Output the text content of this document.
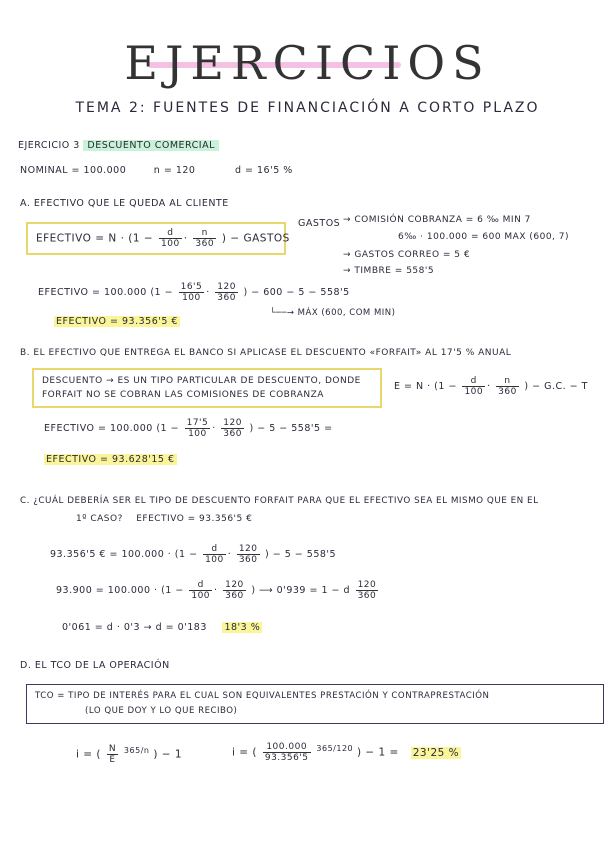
EJERCICIOS
TEMA 2: FUENTES DE FINANCIACIÓN A CORTO PLAZO
EJERCICIO 3 DESCUENTO COMERCIAL
NOMINAL = 100.000	n = 120	d = 16'5 %
A. EFECTIVO QUE LE QUEDA AL CLIENTE
EFECTIVO = $N \cdot (1 - \frac{d}{100} \cdot \frac{n}{360}$ ) − GASTOS
GASTOS → COMISIÓN COBRANZA = 6 ‰ MIN 7
6‰ · 100.000 = 600 MAX (600, 7)
→ GASTOS CORREO = 5 €
→ TIMBRE = 558'5
EFECTIVO = 100.000 ($1 - \frac{16'5}{100} \cdot \frac{120}{360}$ ) − 600 − 5 − 558'5
└──→ MÁX (600, COM MIN)
EFECTIVO = 93.356'5 €
B. EL EFECTIVO QUE ENTREGA EL BANCO SI APLICASE EL DESCUENTO «FORFAIT» AL 17'5 % ANUAL
DESCUENTO → ES UN TIPO PARTICULAR DE DESCUENTO, DONDE
FORFAIT NO SE COBRAN LAS COMISIONES DE COBRANZA
$E = N \cdot (1 - \frac{d}{100} \cdot \frac{n}{360}$ ) − G.C. − T
EFECTIVO = 100.000 ($1 - \frac{17'5}{100} \cdot \frac{120}{360}$ ) − 5 − 558'5 =
EFECTIVO = 93.628'15 €
C. ¿CUÁL DEBERÍA SER EL TIPO DE DESCUENTO FORFAIT PARA QUE EL EFECTIVO SEA EL MISMO QUE EN EL
1º CASO? EFECTIVO = 93.356'5 €
93.356'5 € = $100.000 \cdot (1 - \frac{d}{100} \cdot \frac{120}{360}$ ) − 5 − 558'5
$93.900 = 100.000 \cdot (1 - \frac{d}{100} \cdot \frac{120}{360}$ ) ⟶ 0'939 = 1 − d $\frac{120}{360}$
0'061 = d · 0'3 → d = 0'183 18'3 %
D. EL TCO DE LA OPERACIÓN
TCO = TIPO DE INTERÉS PARA EL CUAL SON EQUIVALENTES PRESTACIÓN Y CONTRAPRESTACIÓN
(LO QUE DOY Y LO QUE RECIBO)
i = ( $\frac{N}{E} ^{365/n}$ ) − 1	i = ( $\frac{100.000}{93.356'5} ^{365/120}$ ) − 1 = 23'25 %
